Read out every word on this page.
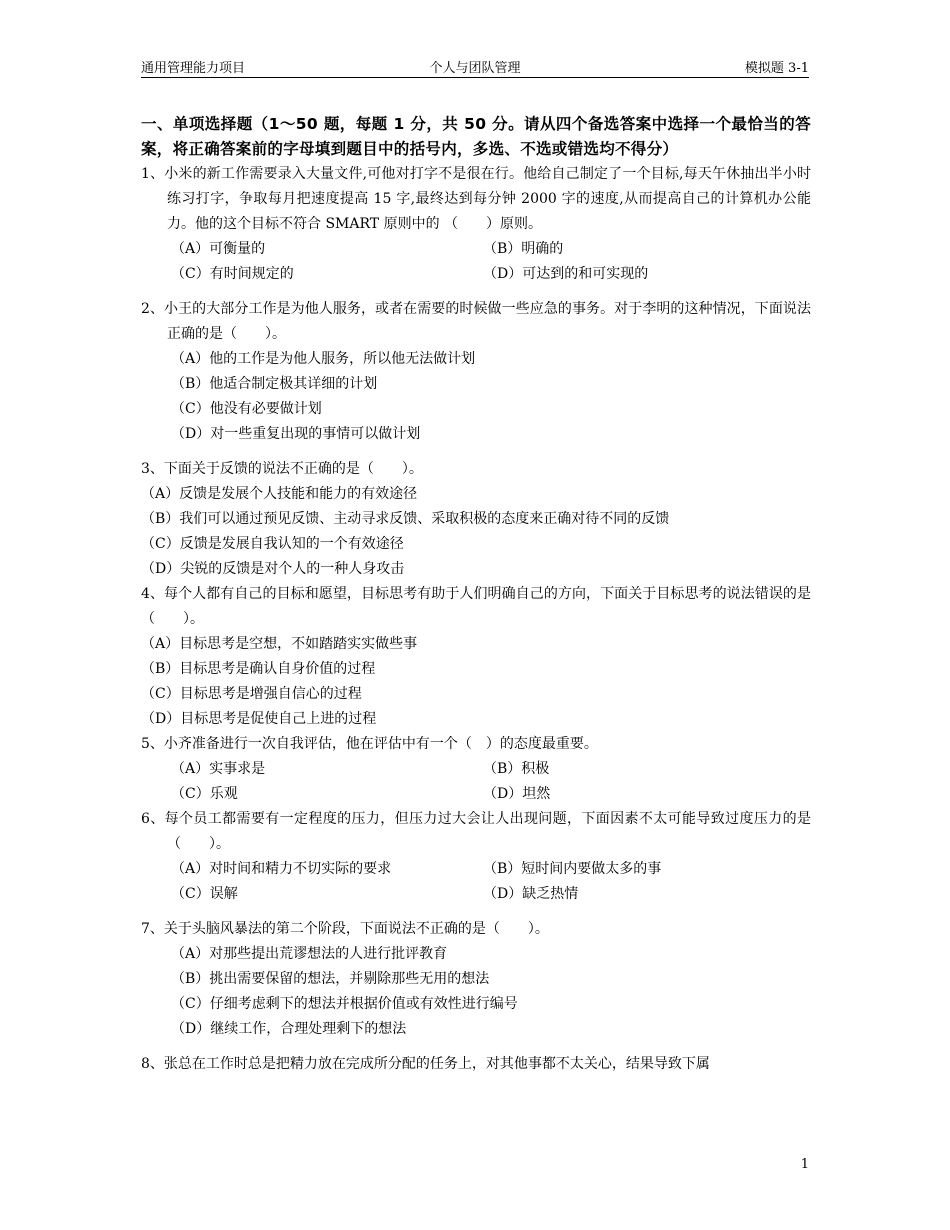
通用管理能力项目	个人与团队管理	模拟题 3-1
一、单项选择题（1～50 题，每题 1 分，共 50 分。请从四个备选答案中选择一个最恰当的答案，将正确答案前的字母填到题目中的括号内，多选、不选或错选均不得分）
1、小米的新工作需要录入大量文件,可他对打字不是很在行。他给自己制定了一个目标,每天午休抽出半小时练习打字，争取每月把速度提高 15 字,最终达到每分钟 2000 字的速度,从而提高自己的计算机办公能力。他的这个目标不符合 SMART 原则中的 （　　）原则。
（A）可衡量的	（B）明确的
（C）有时间规定的	（D）可达到的和可实现的
2、小王的大部分工作是为他人服务，或者在需要的时候做一些应急的事务。对于李明的这种情况，下面说法正确的是（　　）。
（A）他的工作是为他人服务，所以他无法做计划
（B）他适合制定极其详细的计划
（C）他没有必要做计划
（D）对一些重复出现的事情可以做计划
3、下面关于反馈的说法不正确的是（　　）。
（A）反馈是发展个人技能和能力的有效途径
（B）我们可以通过预见反馈、主动寻求反馈、采取积极的态度来正确对待不同的反馈
（C）反馈是发展自我认知的一个有效途径
（D）尖锐的反馈是对个人的一种人身攻击
4、每个人都有自己的目标和愿望，目标思考有助于人们明确自己的方向，下面关于目标思考的说法错误的是（　　）。
（A）目标思考是空想，不如踏踏实实做些事
（B）目标思考是确认自身价值的过程
（C）目标思考是增强自信心的过程
（D）目标思考是促使自己上进的过程
5、小齐准备进行一次自我评估，他在评估中有一个（　）的态度最重要。
（A）实事求是	（B）积极
（C）乐观	（D）坦然
6、每个员工都需要有一定程度的压力，但压力过大会让人出现问题，下面因素不太可能导致过度压力的是（　　）。
（A）对时间和精力不切实际的要求	（B）短时间内要做太多的事
（C）误解	（D）缺乏热情
7、关于头脑风暴法的第二个阶段，下面说法不正确的是（　　）。
（A）对那些提出荒谬想法的人进行批评教育
（B）挑出需要保留的想法，并剔除那些无用的想法
（C）仔细考虑剩下的想法并根据价值或有效性进行编号
（D）继续工作，合理处理剩下的想法
8、张总在工作时总是把精力放在完成所分配的任务上，对其他事都不太关心，结果导致下属
1
